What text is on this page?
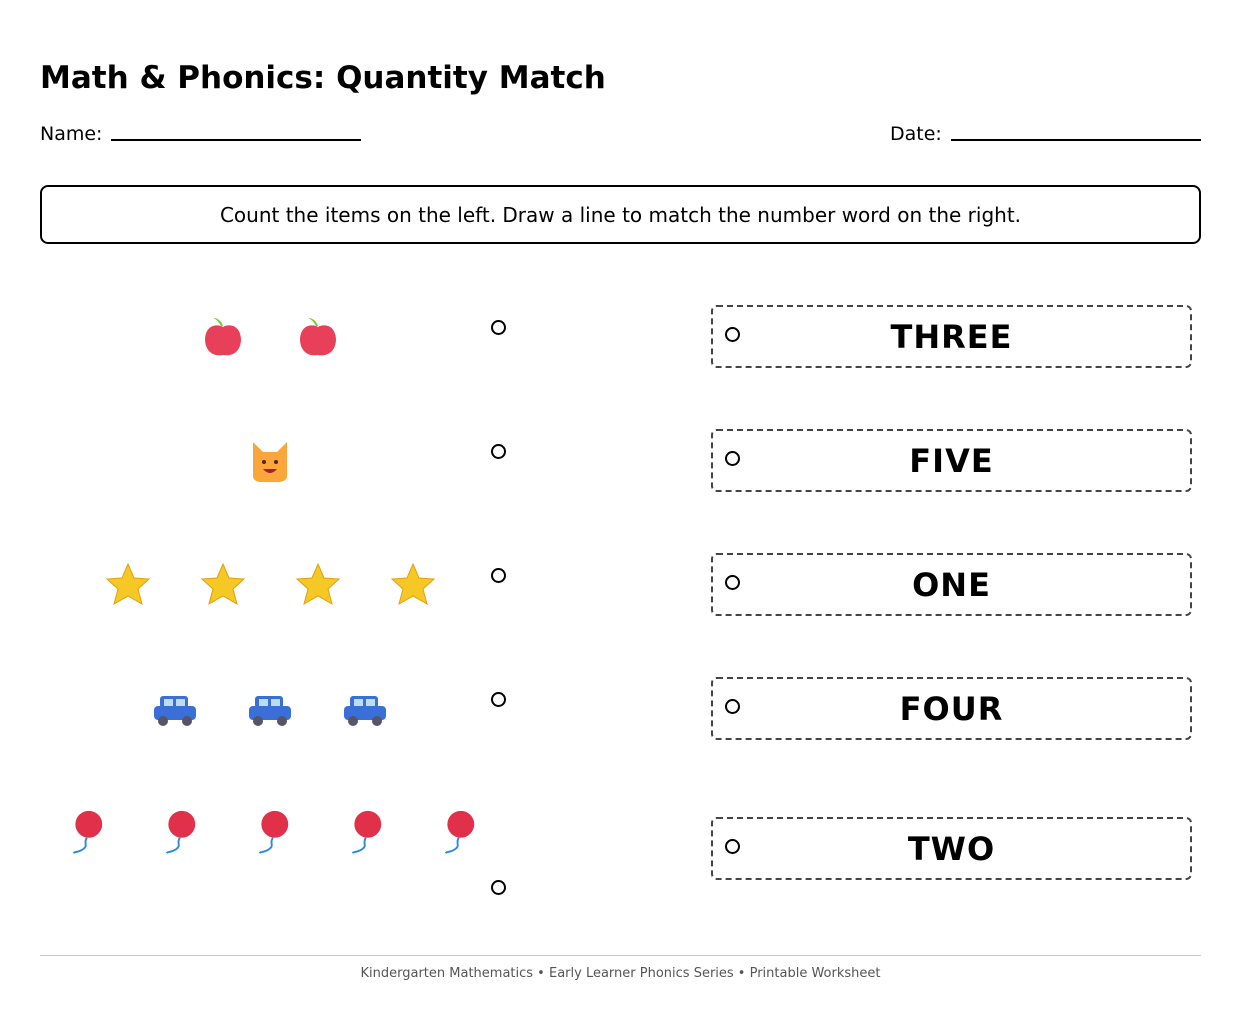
Math & Phonics: Quantity Match
Name:	Date:
Count the items on the left. Draw a line to match the number word on the right.
THREE
FIVE
ONE
FOUR
TWO
Kindergarten Mathematics • Early Learner Phonics Series • Printable Worksheet
